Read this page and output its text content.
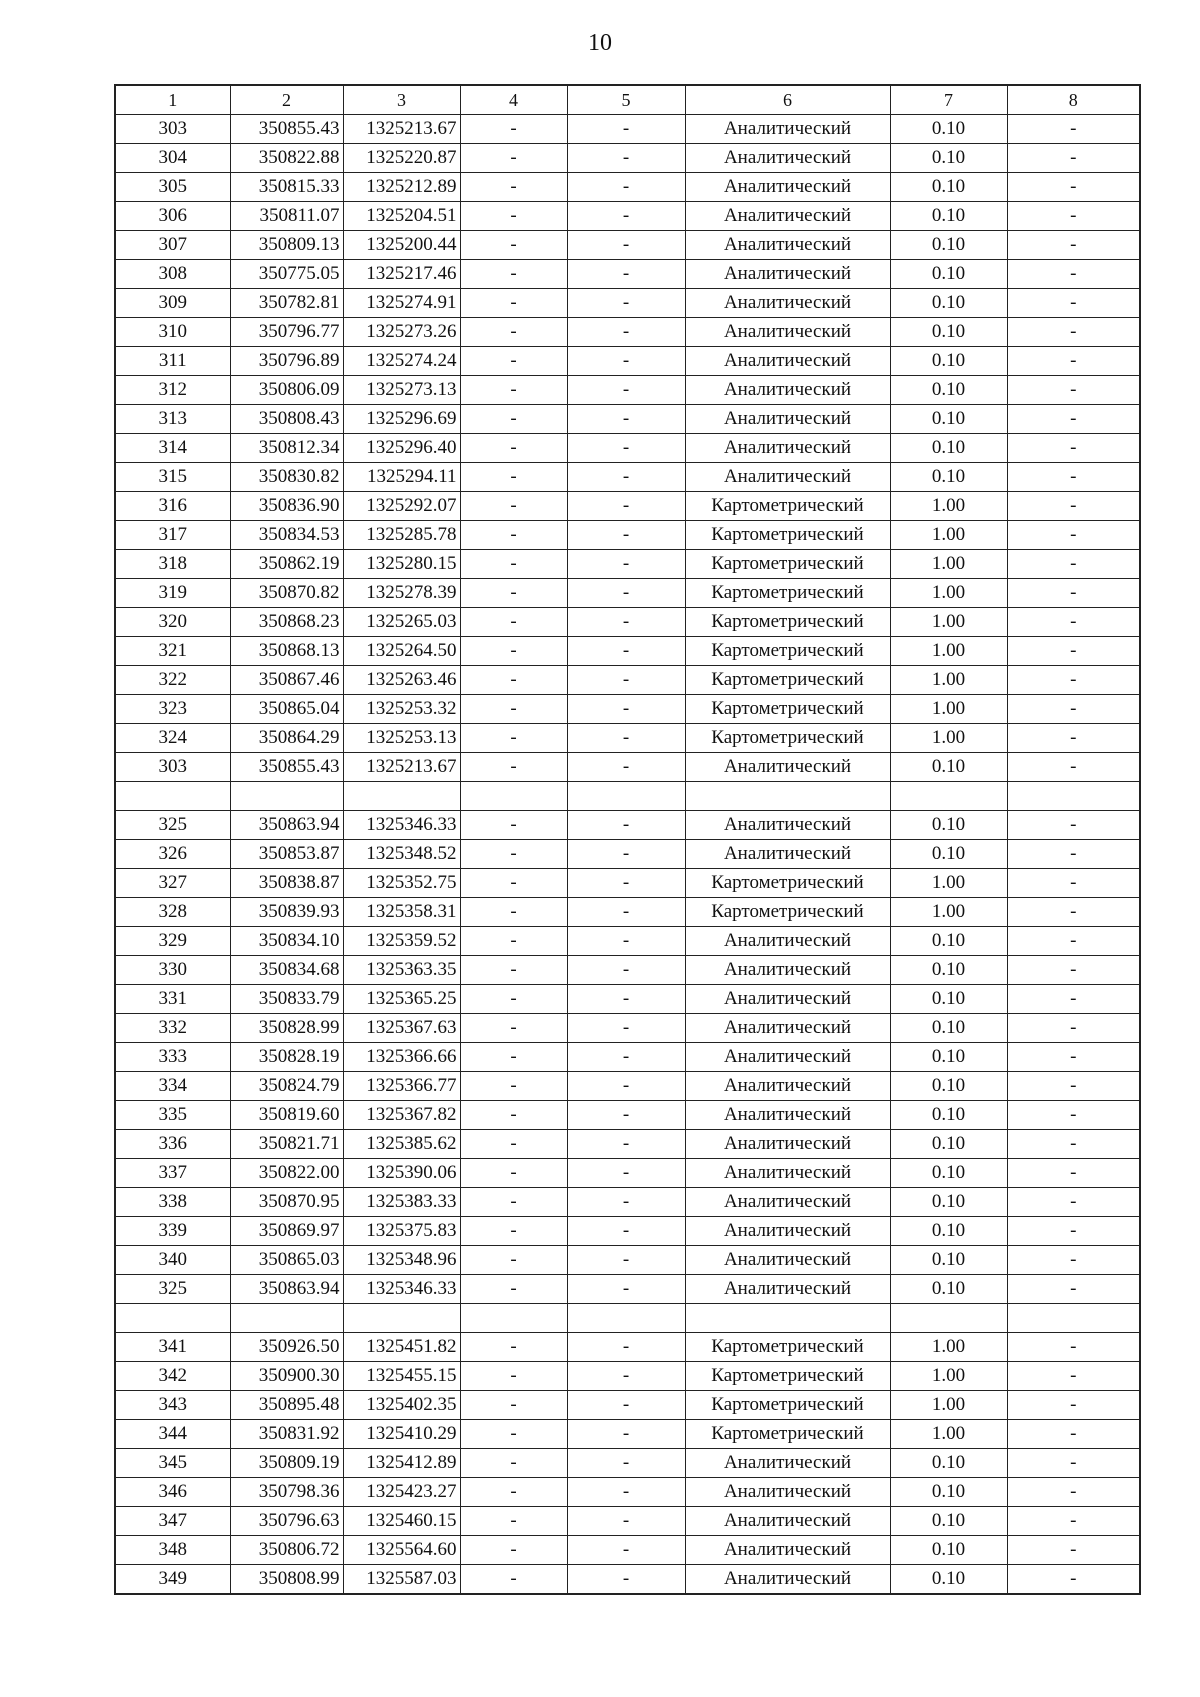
10
1	2	3	4	5	6	7	8
303	350855.43	1325213.67	-	-	Аналитический	0.10	-
304	350822.88	1325220.87	-	-	Аналитический	0.10	-
305	350815.33	1325212.89	-	-	Аналитический	0.10	-
306	350811.07	1325204.51	-	-	Аналитический	0.10	-
307	350809.13	1325200.44	-	-	Аналитический	0.10	-
308	350775.05	1325217.46	-	-	Аналитический	0.10	-
309	350782.81	1325274.91	-	-	Аналитический	0.10	-
310	350796.77	1325273.26	-	-	Аналитический	0.10	-
311	350796.89	1325274.24	-	-	Аналитический	0.10	-
312	350806.09	1325273.13	-	-	Аналитический	0.10	-
313	350808.43	1325296.69	-	-	Аналитический	0.10	-
314	350812.34	1325296.40	-	-	Аналитический	0.10	-
315	350830.82	1325294.11	-	-	Аналитический	0.10	-
316	350836.90	1325292.07	-	-	Картометрический	1.00	-
317	350834.53	1325285.78	-	-	Картометрический	1.00	-
318	350862.19	1325280.15	-	-	Картометрический	1.00	-
319	350870.82	1325278.39	-	-	Картометрический	1.00	-
320	350868.23	1325265.03	-	-	Картометрический	1.00	-
321	350868.13	1325264.50	-	-	Картометрический	1.00	-
322	350867.46	1325263.46	-	-	Картометрический	1.00	-
323	350865.04	1325253.32	-	-	Картометрический	1.00	-
324	350864.29	1325253.13	-	-	Картометрический	1.00	-
303	350855.43	1325213.67	-	-	Аналитический	0.10	-

325	350863.94	1325346.33	-	-	Аналитический	0.10	-
326	350853.87	1325348.52	-	-	Аналитический	0.10	-
327	350838.87	1325352.75	-	-	Картометрический	1.00	-
328	350839.93	1325358.31	-	-	Картометрический	1.00	-
329	350834.10	1325359.52	-	-	Аналитический	0.10	-
330	350834.68	1325363.35	-	-	Аналитический	0.10	-
331	350833.79	1325365.25	-	-	Аналитический	0.10	-
332	350828.99	1325367.63	-	-	Аналитический	0.10	-
333	350828.19	1325366.66	-	-	Аналитический	0.10	-
334	350824.79	1325366.77	-	-	Аналитический	0.10	-
335	350819.60	1325367.82	-	-	Аналитический	0.10	-
336	350821.71	1325385.62	-	-	Аналитический	0.10	-
337	350822.00	1325390.06	-	-	Аналитический	0.10	-
338	350870.95	1325383.33	-	-	Аналитический	0.10	-
339	350869.97	1325375.83	-	-	Аналитический	0.10	-
340	350865.03	1325348.96	-	-	Аналитический	0.10	-
325	350863.94	1325346.33	-	-	Аналитический	0.10	-

341	350926.50	1325451.82	-	-	Картометрический	1.00	-
342	350900.30	1325455.15	-	-	Картометрический	1.00	-
343	350895.48	1325402.35	-	-	Картометрический	1.00	-
344	350831.92	1325410.29	-	-	Картометрический	1.00	-
345	350809.19	1325412.89	-	-	Аналитический	0.10	-
346	350798.36	1325423.27	-	-	Аналитический	0.10	-
347	350796.63	1325460.15	-	-	Аналитический	0.10	-
348	350806.72	1325564.60	-	-	Аналитический	0.10	-
349	350808.99	1325587.03	-	-	Аналитический	0.10	-
